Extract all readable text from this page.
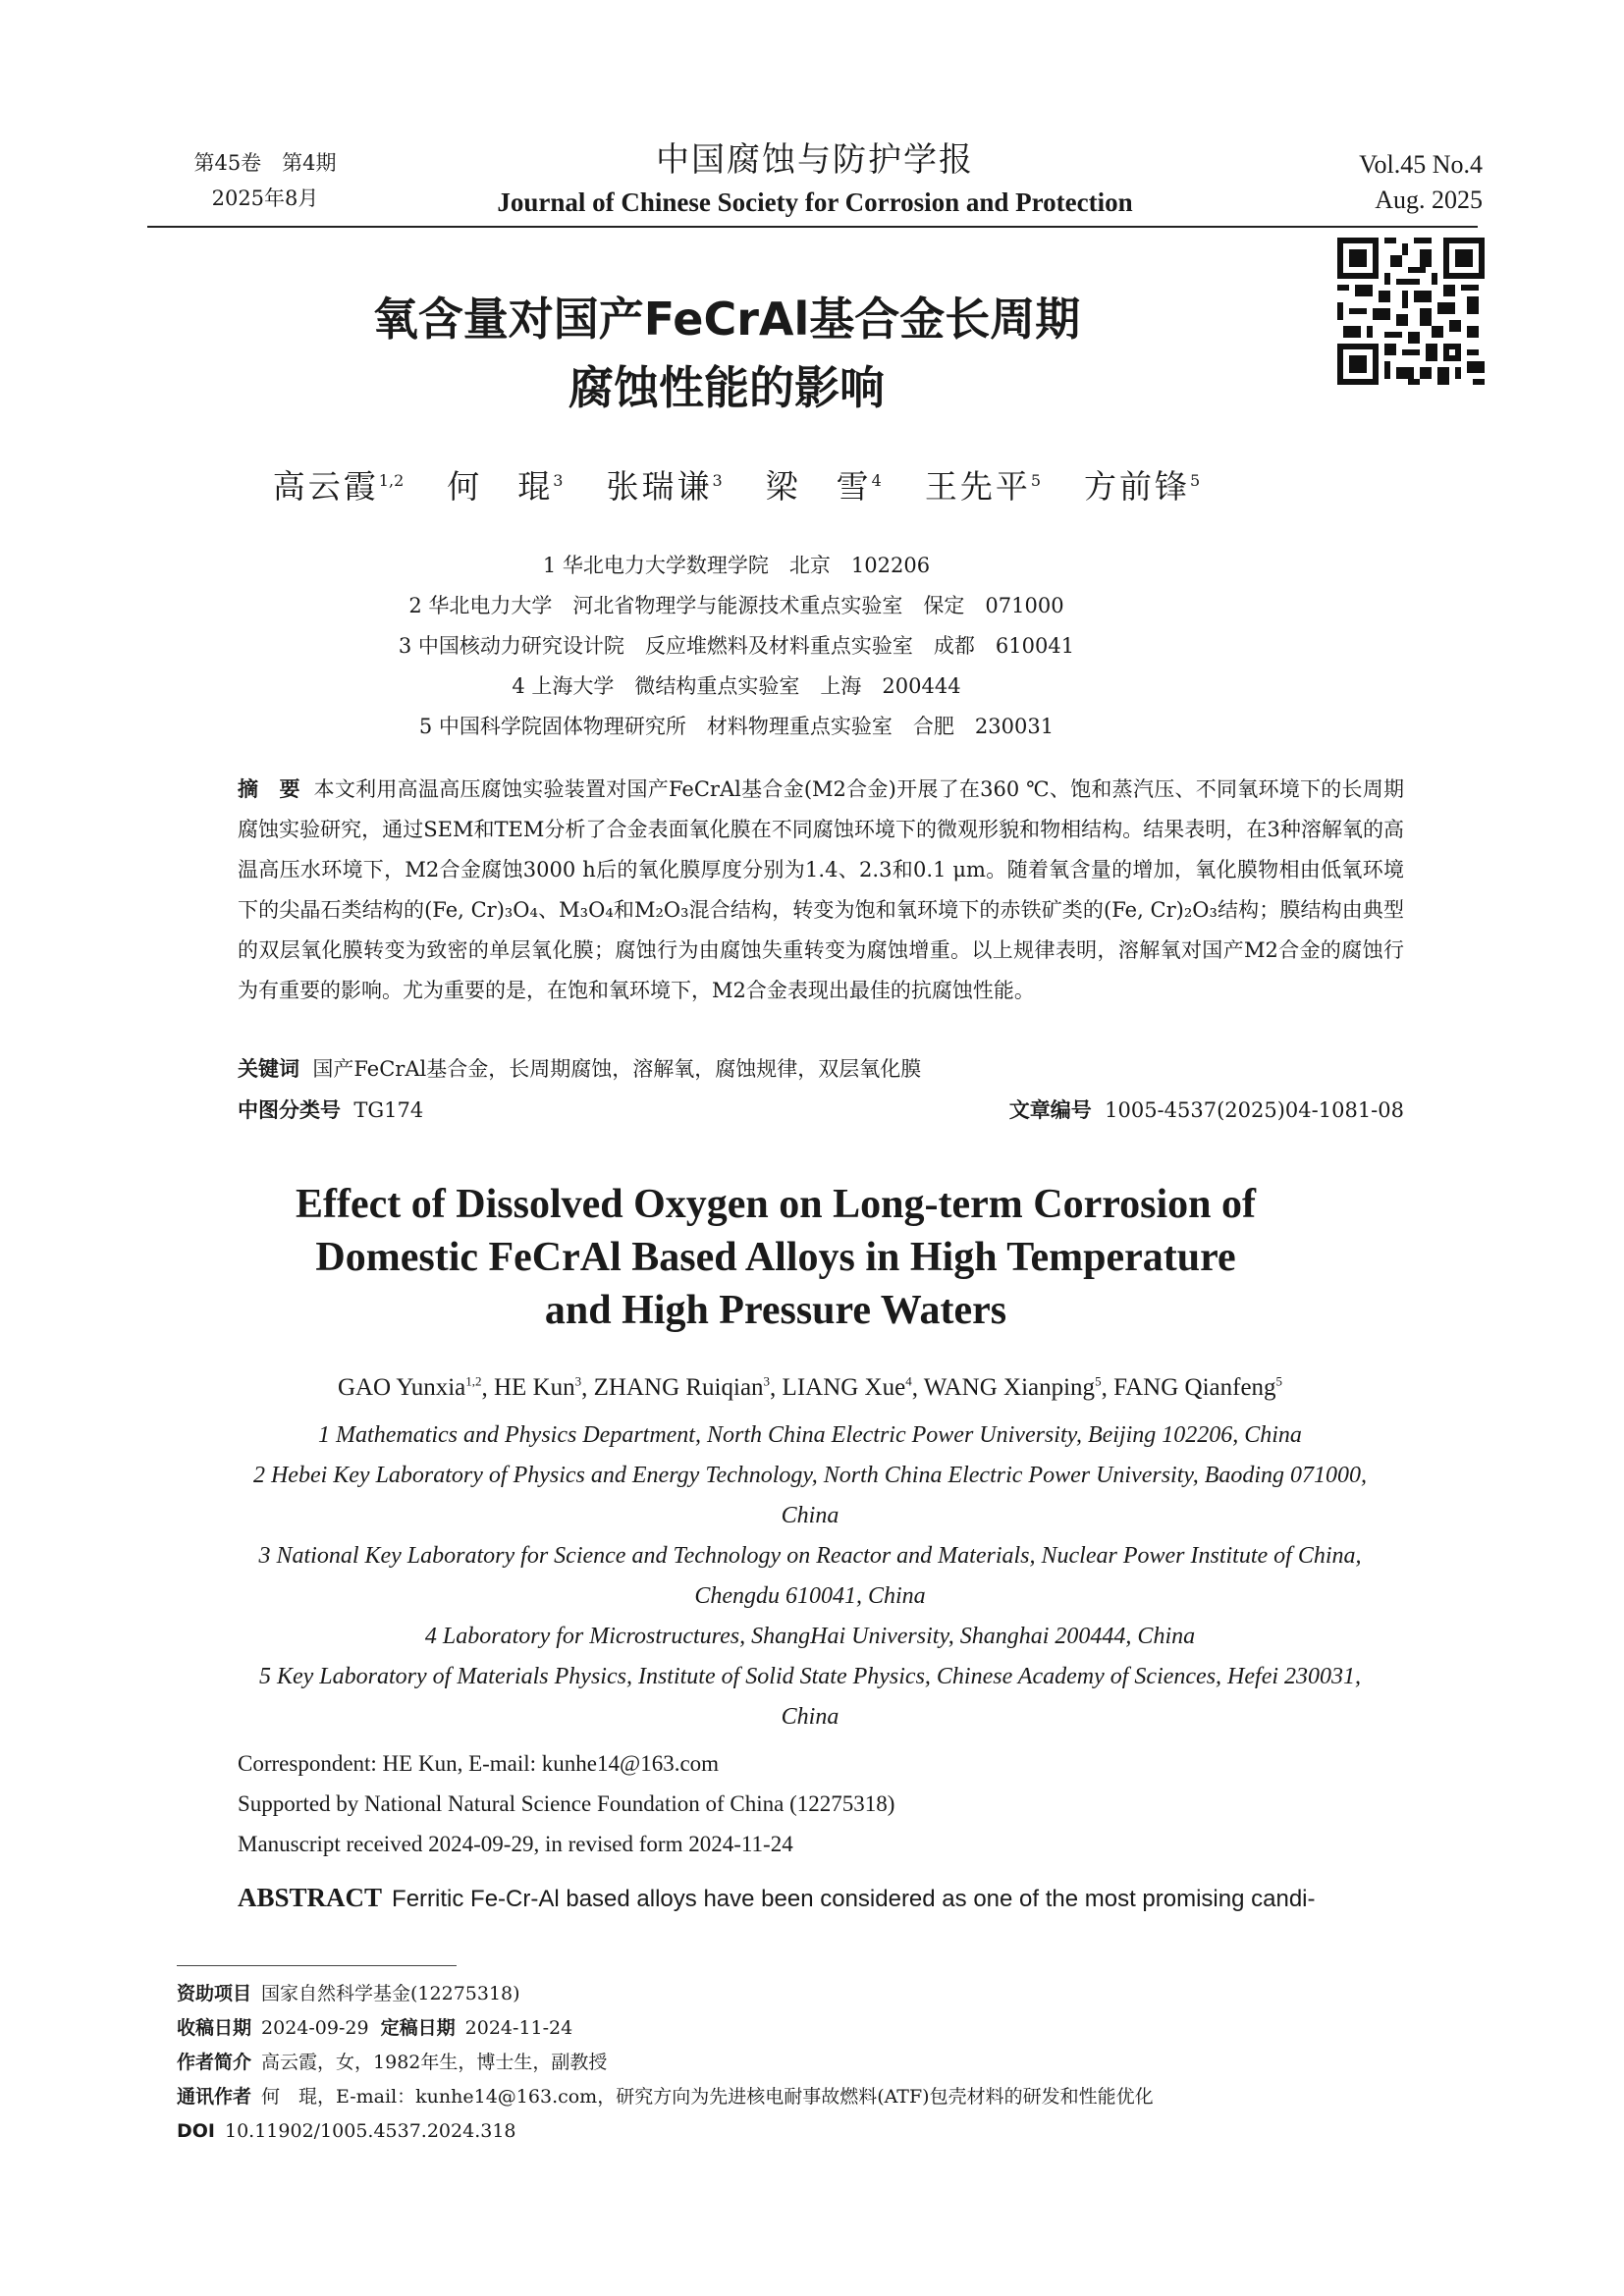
第45卷　第4期
2025年8月
中国腐蚀与防护学报
Journal of Chinese Society for Corrosion and Protection
Vol.45 No.4
Aug. 2025
氧含量对国产FeCrAl基合金长周期
腐蚀性能的影响
高云霞$^{1,2}$ 何　琨$^3$ 张瑞谦$^3$ 梁　雪$^4$ 王先平$^5$ 方前锋$^5$
1 华北电力大学数理学院　北京　102206
2 华北电力大学　河北省物理学与能源技术重点实验室　保定　071000
3 中国核动力研究设计院　反应堆燃料及材料重点实验室　成都　610041
4 上海大学　微结构重点实验室　上海　200444
5 中国科学院固体物理研究所　材料物理重点实验室　合肥　230031
摘　要 本文利用高温高压腐蚀实验装置对国产FeCrAl基合金(M2合金)开展了在360 ℃、饱和蒸汽压、不同氧环境下的长周期腐蚀实验研究，通过SEM和TEM分析了合金表面氧化膜在不同腐蚀环境下的微观形貌和物相结构。结果表明，在3种溶解氧的高温高压水环境下，M2合金腐蚀3000 h后的氧化膜厚度分别为1.4、2.3和0.1 μm。随着氧含量的增加，氧化膜物相由低氧环境下的尖晶石类结构的(Fe, Cr)₃O₄、M₃O₄和M₂O₃混合结构，转变为饱和氧环境下的赤铁矿类的(Fe, Cr)₂O₃结构；膜结构由典型的双层氧化膜转变为致密的单层氧化膜；腐蚀行为由腐蚀失重转变为腐蚀增重。以上规律表明，溶解氧对国产M2合金的腐蚀行为有重要的影响。尤为重要的是，在饱和氧环境下，M2合金表现出最佳的抗腐蚀性能。
关键词 国产FeCrAl基合金，长周期腐蚀，溶解氧，腐蚀规律，双层氧化膜
中图分类号 TG174	文章编号 1005-4537(2025)04-1081-08
Effect of Dissolved Oxygen on Long-term Corrosion of
Domestic FeCrAl Based Alloys in High Temperature
and High Pressure Waters
GAO Yunxia$^{1,2}$, HE Kun$^3$, ZHANG Ruiqian$^3$, LIANG Xue$^4$, WANG Xianping$^5$, FANG Qianfeng$^5$
1 Mathematics and Physics Department, North China Electric Power University, Beijing 102206, China
2 Hebei Key Laboratory of Physics and Energy Technology, North China Electric Power University, Baoding 071000, China
3 National Key Laboratory for Science and Technology on Reactor and Materials, Nuclear Power Institute of China, Chengdu 610041, China
4 Laboratory for Microstructures, ShangHai University, Shanghai 200444, China
5 Key Laboratory of Materials Physics, Institute of Solid State Physics, Chinese Academy of Sciences, Hefei 230031, China
Correspondent: HE Kun, E-mail: kunhe14@163.com
Supported by National Natural Science Foundation of China (12275318)
Manuscript received 2024-09-29, in revised form 2024-11-24
ABSTRACT Ferritic Fe-Cr-Al based alloys have been considered as one of the most promising candi-
资助项目 国家自然科学基金(12275318)
收稿日期 2024-09-29 定稿日期 2024-11-24
作者简介 高云霞，女，1982年生，博士生，副教授
通讯作者 何　琨，E-mail：kunhe14@163.com，研究方向为先进核电耐事故燃料(ATF)包壳材料的研发和性能优化
DOI 10.11902/1005.4537.2024.318
